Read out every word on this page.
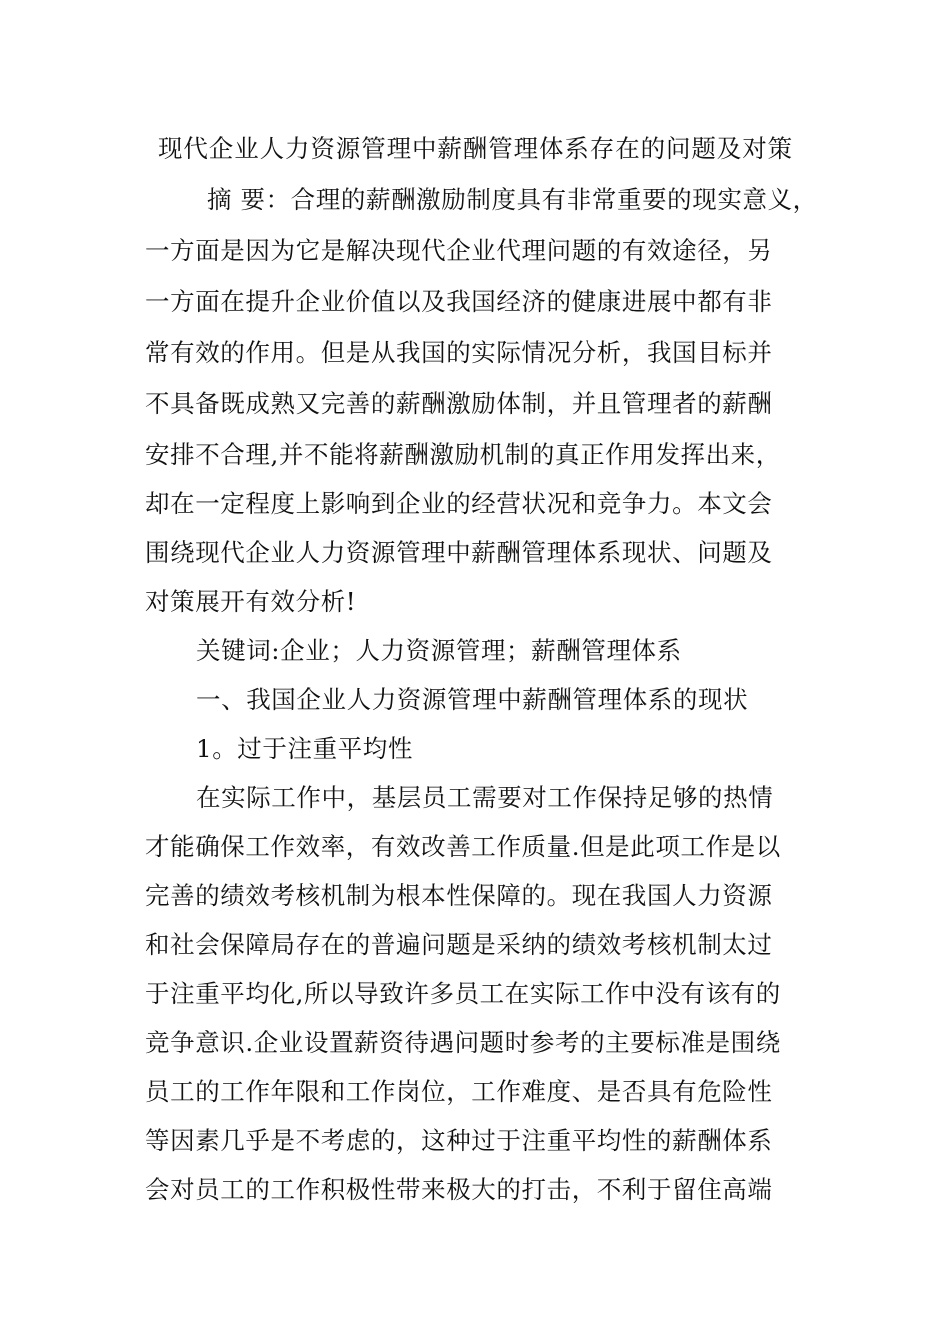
现代企业人力资源管理中薪酬管理体系存在的问题及对策
摘 要：合理的薪酬激励制度具有非常重要的现实意义，
一方面是因为它是解决现代企业代理问题的有效途径，另
一方面在提升企业价值以及我国经济的健康进展中都有非
常有效的作用。但是从我国的实际情况分析，我国目标并
不具备既成熟又完善的薪酬激励体制，并且管理者的薪酬
安排不合理,并不能将薪酬激励机制的真正作用发挥出来，
却在一定程度上影响到企业的经营状况和竞争力。本文会
围绕现代企业人力资源管理中薪酬管理体系现状、问题及
对策展开有效分析!
关键词:企业；人力资源管理；薪酬管理体系
一、我国企业人力资源管理中薪酬管理体系的现状
1。过于注重平均性
在实际工作中，基层员工需要对工作保持足够的热情
才能确保工作效率，有效改善工作质量.但是此项工作是以
完善的绩效考核机制为根本性保障的。现在我国人力资源
和社会保障局存在的普遍问题是采纳的绩效考核机制太过
于注重平均化,所以导致许多员工在实际工作中没有该有的
竞争意识.企业设置薪资待遇问题时参考的主要标准是围绕
员工的工作年限和工作岗位，工作难度、是否具有危险性
等因素几乎是不考虑的，这种过于注重平均性的薪酬体系
会对员工的工作积极性带来极大的打击，不利于留住高端
